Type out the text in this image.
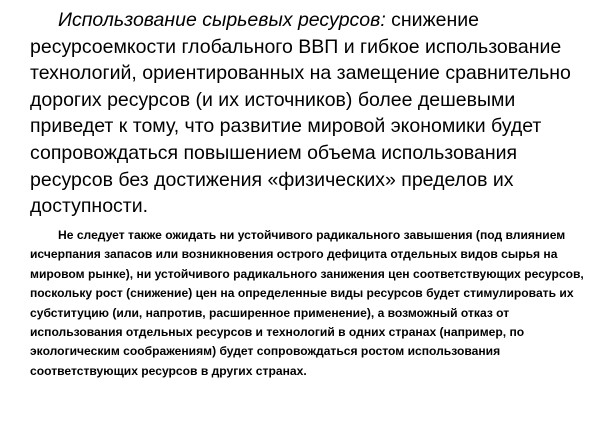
Использование сырьевых ресурсов: снижение ресурсоемкости глобального ВВП и гибкое использование технологий, ориентированных на замещение сравнительно дорогих ресурсов (и их источников) более дешевыми приведет к тому, что развитие мировой экономики будет сопровождаться повышением объема использования ресурсов без достижения «физических» пределов их доступности.

Не следует также ожидать ни устойчивого радикального завышения (под влиянием исчерпания запасов или возникновения острого дефицита отдельных видов сырья на мировом рынке), ни устойчивого радикального занижения цен соответствующих ресурсов, поскольку рост (снижение) цен на определенные виды ресурсов будет стимулировать их субституцию (или, напротив, расширенное применение), а возможный отказ от использования отдельных ресурсов и технологий в одних странах (например, по экологическим соображениям) будет сопровождаться ростом использования соответствующих ресурсов в других странах.
